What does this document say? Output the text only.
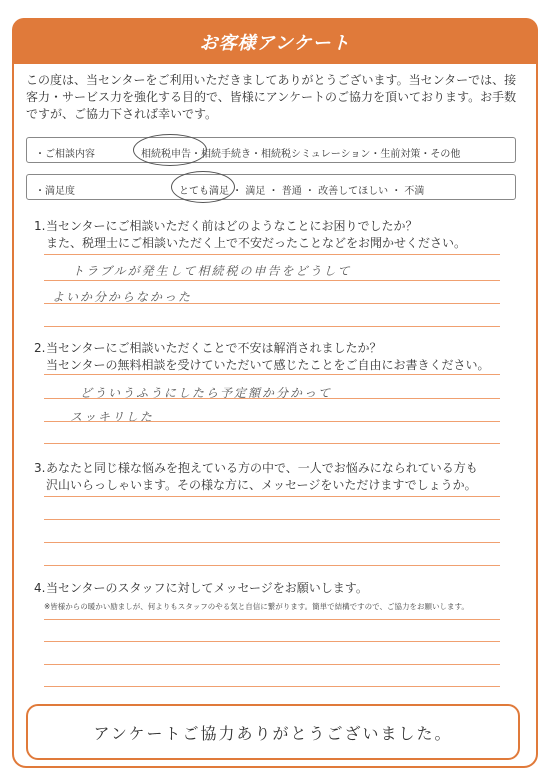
お客様アンケート
この度は、当センターをご利用いただきましてありがとうございます。当センターでは、接客力・サービス力を強化する目的で、皆様にアンケートのご協力を頂いております。お手数ですが、ご協力下されば幸いです。
・ご相談内容	相続税申告・相続手続き・相続税シミュレーション・生前対策・その他
・満足度	とても満足 ・ 満足 ・ 普通 ・ 改善してほしい ・ 不満
1. 当センターにご相談いただく前はどのようなことにお困りでしたか？
また、税理士にご相談いただく上で不安だったことなどをお聞かせください。
トラブルが発生して相続税の申告をどうして
よいか分からなかった
2. 当センターにご相談いただくことで不安は解消されましたか？
当センターの無料相談を受けていただいて感じたことをご自由にお書きください。
どういうふうにしたら予定額か分かって
スッキリした
3. あなたと同じ様な悩みを抱えている方の中で、一人でお悩みになられている方も
沢山いらっしゃいます。その様な方に、メッセージをいただけますでしょうか。
4. 当センターのスタッフに対してメッセージをお願いします。
※皆様からの暖かい励ましが、何よりもスタッフのやる気と自信に繋がります。簡単で結構ですので、ご協力をお願いします。
アンケートご協力ありがとうございました。
